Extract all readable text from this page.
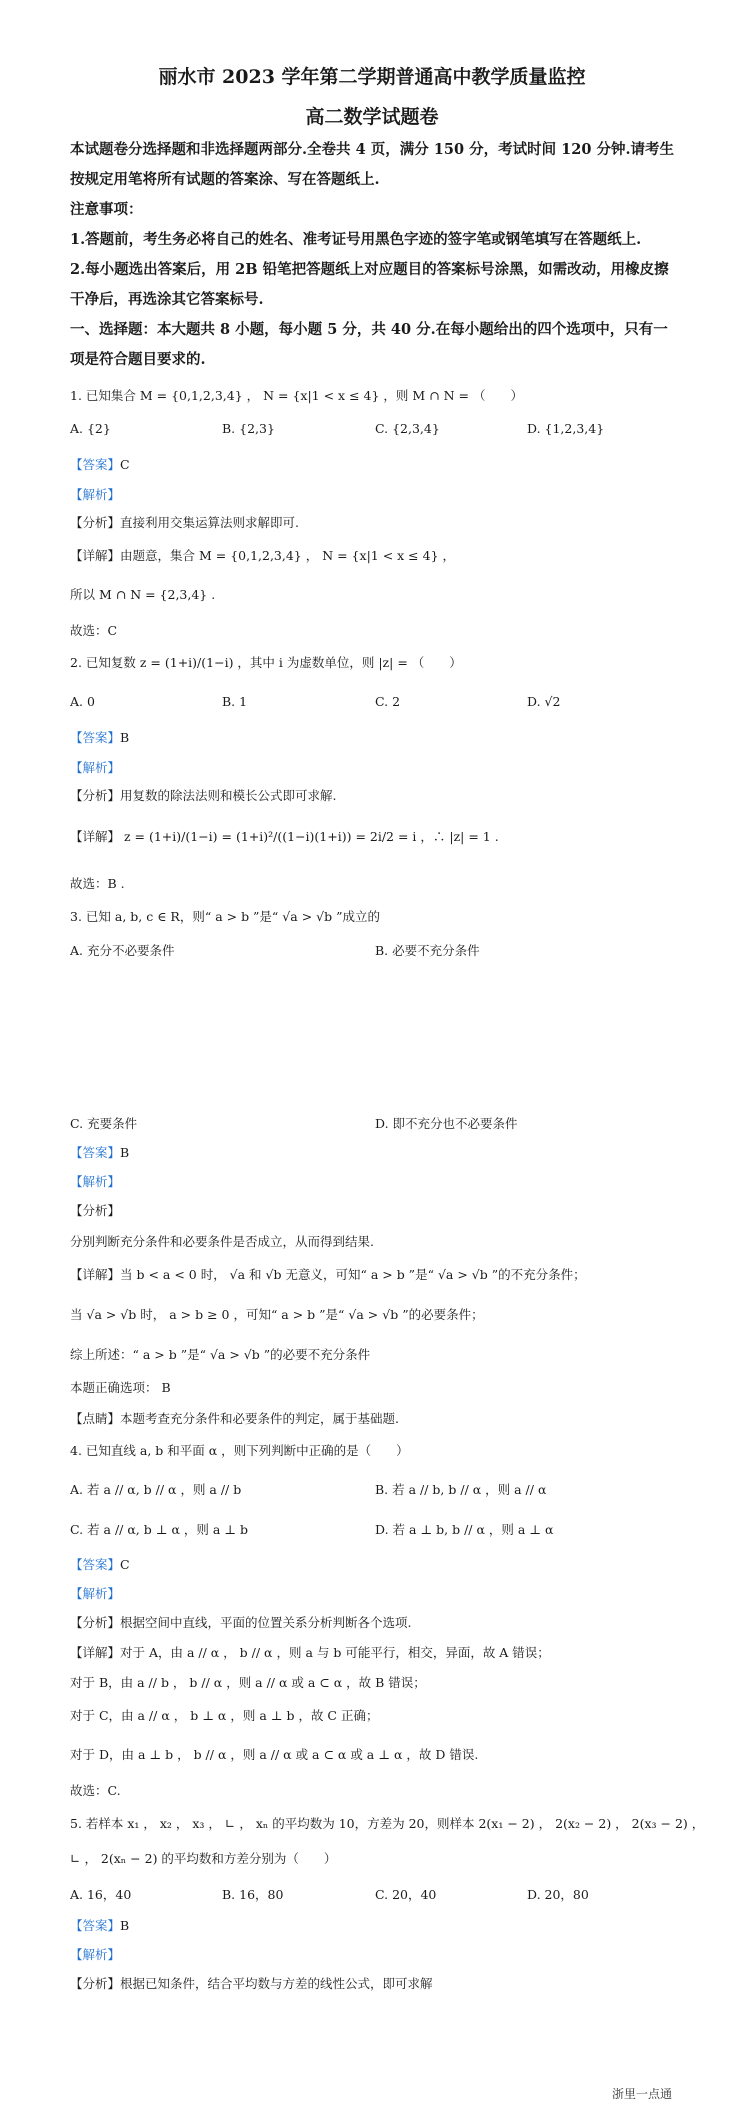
丽水市 2023 学年第二学期普通高中教学质量监控
高二数学试题卷
本试题卷分选择题和非选择题两部分.全卷共 4 页，满分 150 分，考试时间 120 分钟.请考生
按规定用笔将所有试题的答案涂、写在答题纸上.
注意事项：
1.答题前，考生务必将自己的姓名、准考证号用黑色字迹的签字笔或钢笔填写在答题纸上.
2.每小题选出答案后，用 2B 铅笔把答题纸上对应题目的答案标号涂黑，如需改动，用橡皮擦
干净后，再选涂其它答案标号.
一、选择题：本大题共 8 小题，每小题 5 分，共 40 分.在每小题给出的四个选项中，只有一
项是符合题目要求的.
1. 已知集合 M = {0,1,2,3,4} ， N = {x|1 < x ≤ 4} ，则 M ∩ N = （　　）
A. {2}	B. {2,3}	C. {2,3,4}	D. {1,2,3,4}
【答案】C
【解析】
【分析】直接利用交集运算法则求解即可.
【详解】由题意，集合 M = {0,1,2,3,4} ， N = {x|1 < x ≤ 4} ，
所以 M ∩ N = {2,3,4} .
故选：C
2. 已知复数 z = (1+i)/(1−i) ，其中 i 为虚数单位，则 |z| = （　　）
A. 0	B. 1	C. 2	D. √2
【答案】B
【解析】
【分析】用复数的除法法则和模长公式即可求解.
【详解】 z = (1+i)/(1−i) = (1+i)²/((1−i)(1+i)) = 2i/2 = i ，∴ |z| = 1 .
故选：B .
3. 已知 a, b, c ∈ R，则“ a > b ”是“ √a > √b ”成立的
A. 充分不必要条件	B. 必要不充分条件
C. 充要条件	D. 即不充分也不必要条件
【答案】B
【解析】
【分析】
分别判断充分条件和必要条件是否成立，从而得到结果.
【详解】当 b < a < 0 时， √a 和 √b 无意义，可知“ a > b ”是“ √a > √b ”的不充分条件；
当 √a > √b 时， a > b ≥ 0 ，可知“ a > b ”是“ √a > √b ”的必要条件；
综上所述：“ a > b ”是“ √a > √b ”的必要不充分条件
本题正确选项： B
【点睛】本题考查充分条件和必要条件的判定，属于基础题.
4. 已知直线 a, b 和平面 α ，则下列判断中正确的是（　　）
A. 若 a // α, b // α ，则 a // b	B. 若 a // b, b // α ，则 a // α
C. 若 a // α, b ⊥ α ，则 a ⊥ b	D. 若 a ⊥ b, b // α ，则 a ⊥ α
【答案】C
【解析】
【分析】根据空间中直线，平面的位置关系分析判断各个选项.
【详解】对于 A，由 a // α ， b // α ，则 a 与 b 可能平行，相交，异面，故 A 错误；
对于 B，由 a // b ， b // α ，则 a // α 或 a ⊂ α ，故 B 错误；
对于 C，由 a // α ， b ⊥ α ，则 a ⊥ b ，故 C 正确；
对于 D，由 a ⊥ b ， b // α ，则 a // α 或 a ⊂ α 或 a ⊥ α ，故 D 错误.
故选：C.
5. 若样本 x₁ ， x₂ ， x₃ ， ∟ ， xₙ 的平均数为 10，方差为 20，则样本 2(x₁ − 2) ， 2(x₂ − 2) ， 2(x₃ − 2) ，
∟ ， 2(xₙ − 2) 的平均数和方差分别为（　　）
A. 16，40	B. 16，80	C. 20，40	D. 20，80
【答案】B
【解析】
【分析】根据已知条件，结合平均数与方差的线性公式，即可求解
浙里一点通
